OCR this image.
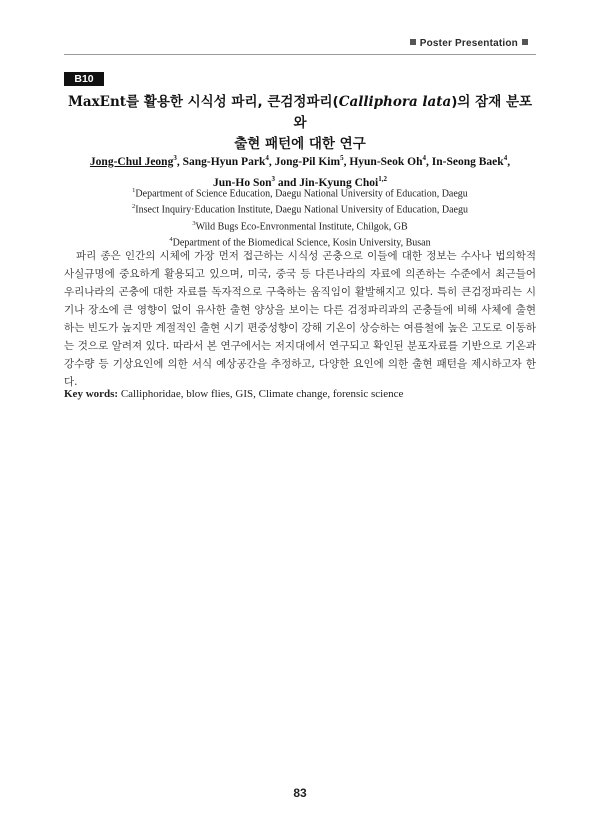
Poster Presentation
B10
MaxEnt를 활용한 시식성 파리, 큰검정파리(Calliphora lata)의 잠재 분포와
출현 패턴에 대한 연구
Jong-Chul Jeong$^3$, Sang-Hyun Park$^4$, Jong-Pil Kim$^5$, Hyun-Seok Oh$^4$, In-Seong Baek$^4$,
Jun-Ho Son$^3$ and Jin-Kyung Choi$^{1,2}$
$^1$Department of Science Education, Daegu National University of Education, Daegu
$^2$Insect Inquiry·Education Institute, Daegu National University of Education, Daegu
$^3$Wild Bugs Eco-Envronmental Institute, Chilgok, GB
$^4$Department of the Biomedical Science, Kosin University, Busan

파리 종은 인간의 시체에 가장 먼저 접근하는 시식성 곤충으로 이들에 대한 정보는 수사나 법의학적 사실규명에 중요하게 활용되고 있으며, 미국, 중국 등 다른나라의 자료에 의존하는 수준에서 최근들어 우리나라의 곤충에 대한 자료를 독자적으로 구축하는 움직임이 활발해지고 있다. 특히 큰검정파리는 시기나 장소에 큰 영향이 없이 유사한 출현 양상을 보이는 다른 검정파리과의 곤충들에 비해 사체에 출현하는 빈도가 높지만 계절적인 출현 시기 편중성향이 강해 기온이 상승하는 여름철에 높은 고도로 이동하는 것으로 알려져 있다. 따라서 본 연구에서는 저지대에서 연구되고 확인된 분포자료를 기반으로 기온과 강수량 등 기상요인에 의한 서식 예상공간을 추정하고, 다양한 요인에 의한 출현 패턴을 제시하고자 한다.

Key words: Calliphoridae, blow flies, GIS, Climate change, forensic science
83
